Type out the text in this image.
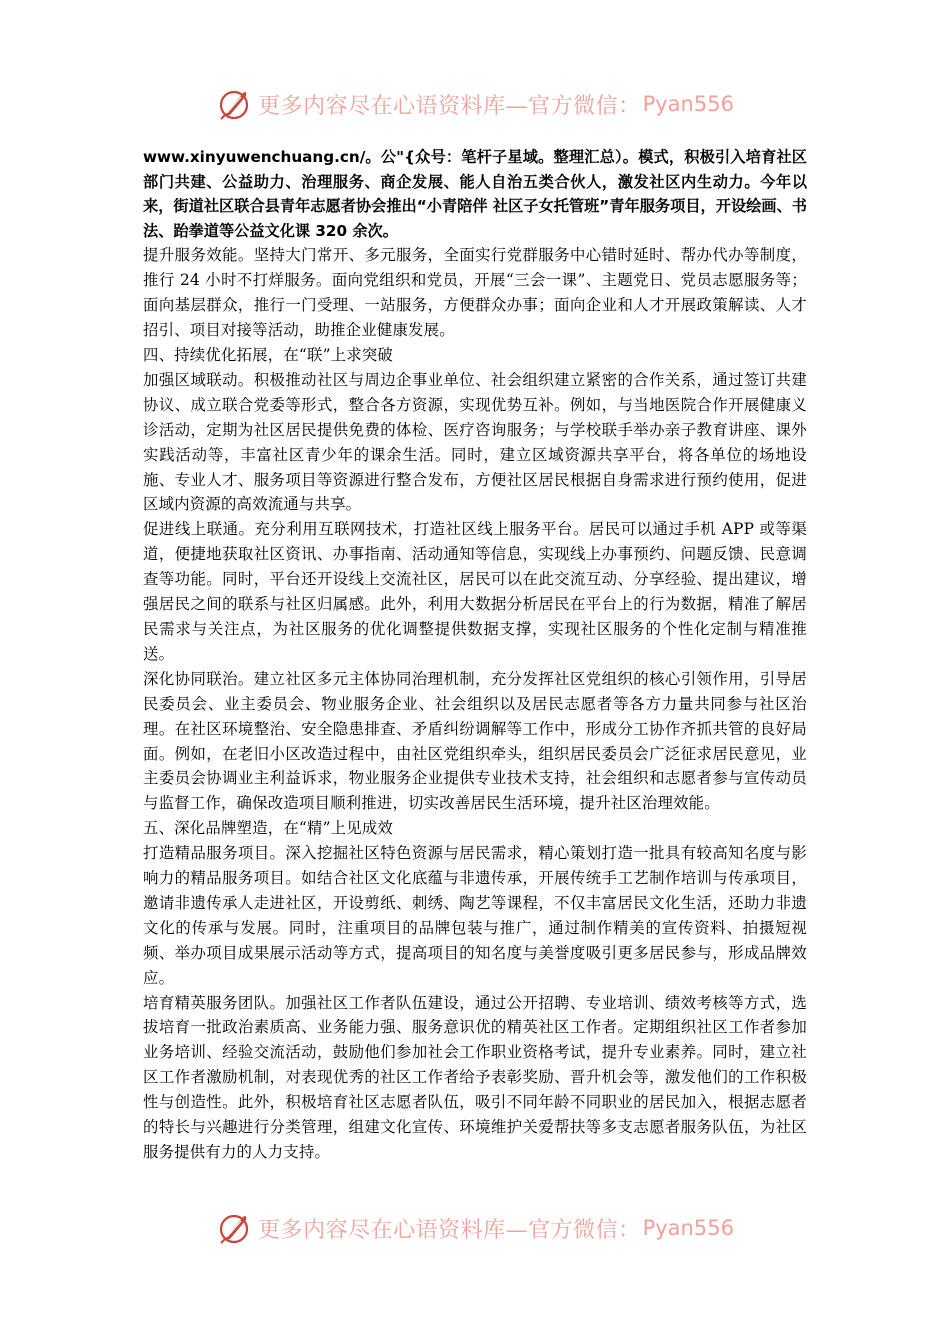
更多内容尽在心语资料库—官方微信： Pyan556

www.xinyuwenchuang.cn/。公"{众号：笔杆子星域。整理汇总）。模式，积极引入培育社区部门共建、公益助力、治理服务、商企发展、能人自治五类合伙人，激发社区内生动力。今年以来，街道社区联合县青年志愿者协会推出“小青陪伴 社区子女托管班”青年服务项目，开设绘画、书法、跆拳道等公益文化课 320 余次。

提升服务效能。坚持大门常开、多元服务，全面实行党群服务中心错时延时、帮办代办等制度，推行 24 小时不打烊服务。面向党组织和党员，开展“三会一课”、主题党日、党员志愿服务等；面向基层群众，推行一门受理、一站服务，方便群众办事；面向企业和人才开展政策解读、人才招引、项目对接等活动，助推企业健康发展。

四、持续优化拓展，在“联”上求突破

加强区域联动。积极推动社区与周边企事业单位、社会组织建立紧密的合作关系，通过签订共建协议、成立联合党委等形式，整合各方资源，实现优势互补。例如，与当地医院合作开展健康义诊活动，定期为社区居民提供免费的体检、医疗咨询服务；与学校联手举办亲子教育讲座、课外实践活动等，丰富社区青少年的课余生活。同时，建立区域资源共享平台，将各单位的场地设施、专业人才、服务项目等资源进行整合发布，方便社区居民根据自身需求进行预约使用，促进区域内资源的高效流通与共享。

促进线上联通。充分利用互联网技术，打造社区线上服务平台。居民可以通过手机 APP 或等渠道，便捷地获取社区资讯、办事指南、活动通知等信息，实现线上办事预约、问题反馈、民意调查等功能。同时，平台还开设线上交流社区，居民可以在此交流互动、分享经验、提出建议，增强居民之间的联系与社区归属感。此外，利用大数据分析居民在平台上的行为数据，精准了解居民需求与关注点，为社区服务的优化调整提供数据支撑，实现社区服务的个性化定制与精准推送。

深化协同联治。建立社区多元主体协同治理机制，充分发挥社区党组织的核心引领作用，引导居民委员会、业主委员会、物业服务企业、社会组织以及居民志愿者等各方力量共同参与社区治理。在社区环境整治、安全隐患排查、矛盾纠纷调解等工作中，形成分工协作齐抓共管的良好局面。例如，在老旧小区改造过程中，由社区党组织牵头，组织居民委员会广泛征求居民意见，业主委员会协调业主利益诉求，物业服务企业提供专业技术支持，社会组织和志愿者参与宣传动员与监督工作，确保改造项目顺利推进，切实改善居民生活环境，提升社区治理效能。

五、深化品牌塑造，在“精”上见成效

打造精品服务项目。深入挖掘社区特色资源与居民需求，精心策划打造一批具有较高知名度与影响力的精品服务项目。如结合社区文化底蕴与非遗传承，开展传统手工艺制作培训与传承项目，邀请非遗传承人走进社区，开设剪纸、刺绣、陶艺等课程，不仅丰富居民文化生活，还助力非遗文化的传承与发展。同时，注重项目的品牌包装与推广，通过制作精美的宣传资料、拍摄短视频、举办项目成果展示活动等方式，提高项目的知名度与美誉度吸引更多居民参与，形成品牌效应。

培育精英服务团队。加强社区工作者队伍建设，通过公开招聘、专业培训、绩效考核等方式，选拔培育一批政治素质高、业务能力强、服务意识优的精英社区工作者。定期组织社区工作者参加业务培训、经验交流活动，鼓励他们参加社会工作职业资格考试，提升专业素养。同时，建立社区工作者激励机制，对表现优秀的社区工作者给予表彰奖励、晋升机会等，激发他们的工作积极性与创造性。此外，积极培育社区志愿者队伍，吸引不同年龄不同职业的居民加入，根据志愿者的特长与兴趣进行分类管理，组建文化宣传、环境维护关爱帮扶等多支志愿者服务队伍，为社区服务提供有力的人力支持。

更多内容尽在心语资料库—官方微信： Pyan556
